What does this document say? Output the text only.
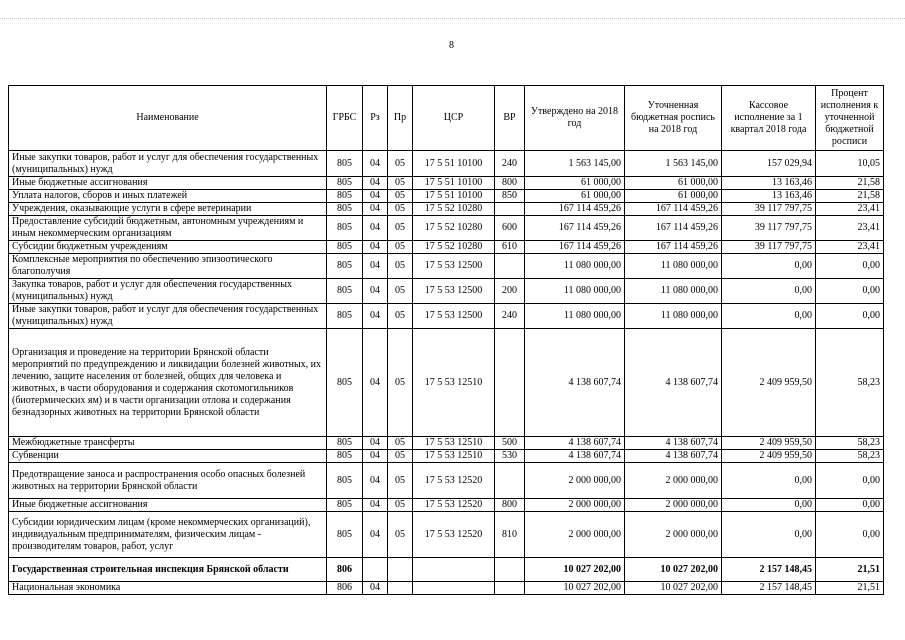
8
Наименование	ГРБС	Рз	Пр	ЦСР	ВР	Утверждено на 2018 год	Уточненная бюджетная роспись на 2018 год	Кассовое исполнение за 1 квартал 2018 года	Процент исполнения к уточненной бюджетной росписи
Иные закупки товаров, работ и услуг для обеспечения государственных (муниципальных) нужд	805	04	05	17 5 51 10100	240	1 563 145,00	1 563 145,00	157 029,94	10,05
Иные бюджетные ассигнования	805	04	05	17 5 51 10100	800	61 000,00	61 000,00	13 163,46	21,58
Уплата налогов, сборов и иных платежей	805	04	05	17 5 51 10100	850	61 000,00	61 000,00	13 163,46	21,58
Учреждения, оказывающие услуги в сфере ветеринарии	805	04	05	17 5 52 10280		167 114 459,26	167 114 459,26	39 117 797,75	23,41
Предоставление субсидий бюджетным, автономным учреждениям и иным некоммерческим организациям	805	04	05	17 5 52 10280	600	167 114 459,26	167 114 459,26	39 117 797,75	23,41
Субсидии бюджетным учреждениям	805	04	05	17 5 52 10280	610	167 114 459,26	167 114 459,26	39 117 797,75	23,41
Комплексные мероприятия по обеспечению эпизоотического благополучия	805	04	05	17 5 53 12500		11 080 000,00	11 080 000,00	0,00	0,00
Закупка товаров, работ и услуг для обеспечения государственных (муниципальных) нужд	805	04	05	17 5 53 12500	200	11 080 000,00	11 080 000,00	0,00	0,00
Иные закупки товаров, работ и услуг для обеспечения государственных (муниципальных) нужд	805	04	05	17 5 53 12500	240	11 080 000,00	11 080 000,00	0,00	0,00
Организация и проведение на территории Брянской области мероприятий по предупреждению и ликвидации болезней животных, их лечению, защите населения от болезней, общих для человека и животных, в части оборудования и содержания скотомогильников (биотермических ям) и в части организации отлова и содержания безнадзорных животных на территории Брянской области	805	04	05	17 5 53 12510		4 138 607,74	4 138 607,74	2 409 959,50	58,23
Межбюджетные трансферты	805	04	05	17 5 53 12510	500	4 138 607,74	4 138 607,74	2 409 959,50	58,23
Субвенции	805	04	05	17 5 53 12510	530	4 138 607,74	4 138 607,74	2 409 959,50	58,23
Предотвращение заноса и распространения особо опасных болезней животных на территории Брянской области	805	04	05	17 5 53 12520		2 000 000,00	2 000 000,00	0,00	0,00
Иные бюджетные ассигнования	805	04	05	17 5 53 12520	800	2 000 000,00	2 000 000,00	0,00	0,00
Субсидии юридическим лицам (кроме некоммерческих организаций), индивидуальным предпринимателям, физическим лицам - производителям товаров, работ, услуг	805	04	05	17 5 53 12520	810	2 000 000,00	2 000 000,00	0,00	0,00
Государственная строительная инспекция Брянской области	806					10 027 202,00	10 027 202,00	2 157 148,45	21,51
Национальная экономика	806	04				10 027 202,00	10 027 202,00	2 157 148,45	21,51
